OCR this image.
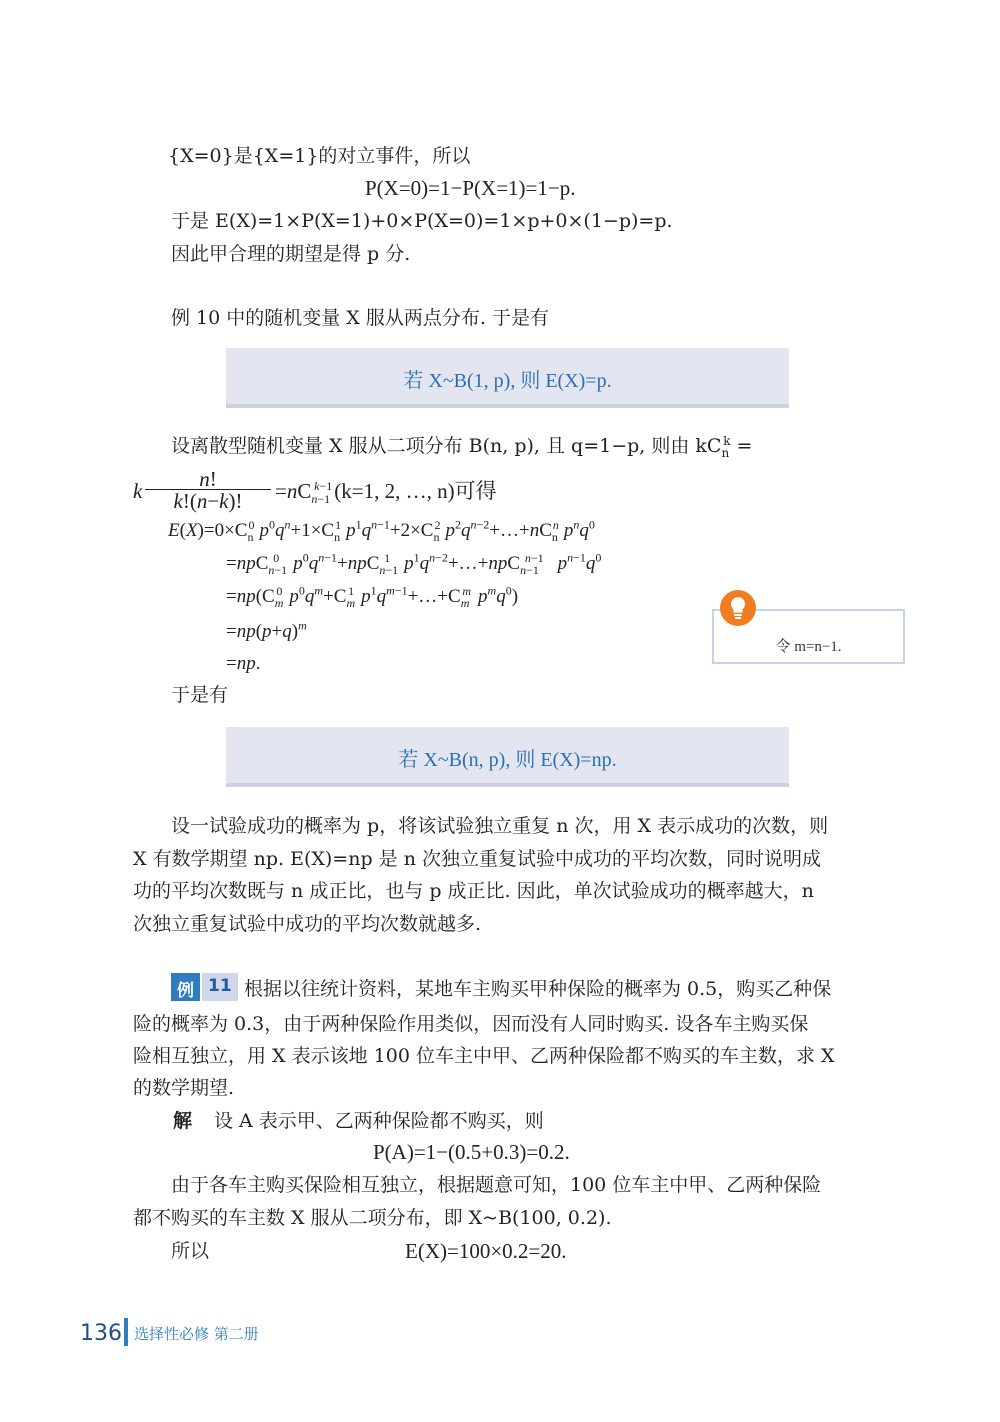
{X=0}是{X=1}的对立事件，所以
P(X=0)=1−P(X=1)=1−p.
于是 E(X)=1×P(X=1)+0×P(X=0)=1×p+0×(1−p)=p.
因此甲合理的期望是得 p 分.
例 10 中的随机变量 X 服从两点分布. 于是有
若 X~B(1, p), 则 E(X)=p.
设离散型随机变量 X 服从二项分布 B(n, p), 且 q=1−p, 则由 $kC_n^k$ =
k	n!
k!(n−k)!	$=nC_{n-1}^{k-1}(k=1$, 2, …, n)可得
$E(X)=0\times C_n^0$ $p^0q^n+1\times C_n^1$ $p^1q^{n-1}+2\times C_n^2$ $p^2q^{n-2}+\dots+nC_n^n$ $p^nq^0$
=npC$_{n-1}^0$ $p^0q^{n-1}+npC_{n-1}^1$ $p^1q^{n-2}+\dots+npC_{n-1}^{n-1}$ $p^{n-1}q^0$
$=np(C_m^0$ $p^0q^m+C_m^1$ $p^1q^{m-1}+\dots+C_m^m$ $p^mq^0$)
$=np(p+q)^m$
=np.
令 m=n−1.
于是有
若 X~B(n, p), 则 E(X)=np.
设一试验成功的概率为 p，将该试验独立重复 n 次，用 X 表示成功的次数，则
X 有数学期望 np. E(X)=np 是 n 次独立重复试验中成功的平均次数，同时说明成
功的平均次数既与 n 成正比，也与 p 成正比. 因此，单次试验成功的概率越大，n
次独立重复试验中成功的平均次数就越多.
例 11 根据以往统计资料，某地车主购买甲种保险的概率为 0.5，购买乙种保
险的概率为 0.3，由于两种保险作用类似，因而没有人同时购买. 设各车主购买保
险相互独立，用 X 表示该地 100 位车主中甲、乙两种保险都不购买的车主数，求 X
的数学期望.
解 设 A 表示甲、乙两种保险都不购买，则
P(A)=1−(0.5+0.3)=0.2.
由于各车主购买保险相互独立，根据题意可知，100 位车主中甲、乙两种保险
都不购买的车主数 X 服从二项分布，即 X~B(100, 0.2).
所以	E(X)=100×0.2=20.
136 选择性必修 第二册
